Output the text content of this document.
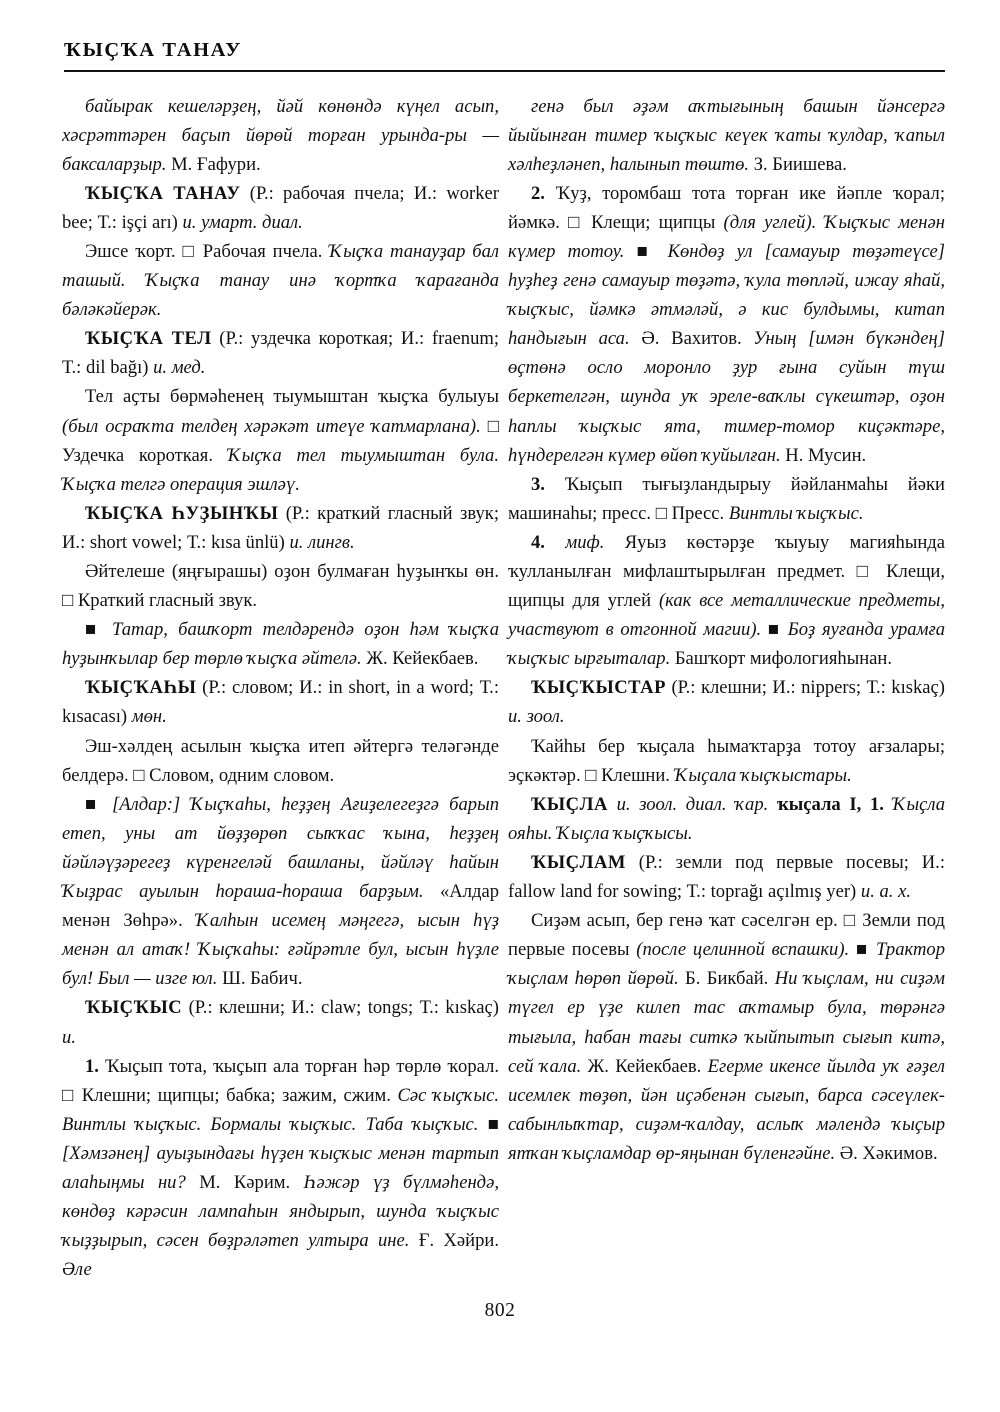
ҠЫҪҠА ТАНАУ

байырак кешеләрҙең, йәй көнөндә күңел асып, хәсрәттәрен баҫып йөрөй торған урында-ры — баксаларҙыр. М. Ғафури.

ҠЫҪҠА ТАНАУ (Р.: рабочая пчела; И.: worker bee; Т.: işçi arı) и. умарт. диал.

Эшсе ҡорт. □ Рабочая пчела. Ҡыҫҡа танауҙар бал ташый. Ҡыҫҡа танау инә ҡортҡа ҡарағанда бәләкәйерәк.

ҠЫҪҠА ТЕЛ (Р.: уздечка короткая; И.: fraenum; Т.: dil bağı) и. мед.

Тел аҫты бөрмәһенең тыумыштан ҡыҫҡа булыуы (был осраҡта телдең хәрәкәт итеүе ҡатмарлана). □ Уздечка короткая. Ҡыҫҡа тел тыумыштан була. Ҡыҫҡа телгә операция эшләү.

ҠЫҪҠА ҺУҘЫНҠЫ (Р.: краткий гласный звук; И.: short vowel; Т.: kısa ünlü) и. лингв.

Әйтелеше (яңғырашы) оҙон булмаған һуҙынҡы өн. □ Краткий гласный звук.

■ Татар, башҡорт телдәрендә оҙон һәм ҡыҫҡа һуҙынҡылар бер төрлө ҡыҫҡа әйтелә. Ж. Кейекбаев.

ҠЫҪҠАҺЫ (Р.: словом; И.: in short, in a word; Т.: kısacası) мөн.

Эш-хәлдең асылын ҡыҫҡа итеп әйтергә теләгәнде белдерә. □ Словом, одним словом.

■ [Алдар:] Ҡыҫҡаһы, һеҙҙең Ағиҙелегеҙгә барып етеп, уны ат йөҙҙөрөп сыҡҡас ҡына, һеҙҙең йәйләүҙәрегеҙ күренгеләй башланы, йәйләү һайын Ҡыҙрас ауылын һораша-һораша барҙым. «Алдар менән Зөһрә». Ҡалһын исемең мәңгегә, ысын һүҙ менән ал атаҡ! Ҡыҫҡаһы: ғәйрәтле бул, ысын һүҙле бул! Был — изге юл. Ш. Бабич.

ҠЫҪҠЫС (Р.: клешни; И.: claw; tongs; Т.: kıskaç) и.

1. Ҡыҫып тота, ҡыҫып ала торған һәр төрлө ҡорал. □ Клешни; щипцы; бабка; зажим, сжим. Сәс ҡыҫҡыс. Винтлы ҡыҫҡыс. Бормалы ҡыҫҡыс. Таба ҡыҫҡыс. ■ [Хәмзәнең] ауыҙындағы һүҙен ҡыҫҡыс менән тартып алаһыңмы ни? М. Кәрим. Һәжәр үҙ бүлмәһендә, көндөҙ кәрәсин лампаһын яндырып, шунда ҡыҫҡыс ҡыҙҙырып, сәсен бөҙрәләтеп ултыра ине. Ғ. Хәйри. Әле

генә был әҙәм аҡтығының башын йәнсергә йыйынған тимер ҡыҫҡыс кеүек ҡаты ҡулдар, ҡапыл хәлһеҙләнеп, һалынып төштө. З. Биишева.

2. Ҡуҙ, торомбаш тота торған ике йәпле ҡорал; йәмкә. □ Клещи; щипцы (для углей). Ҡыҫҡыс менән күмер тотоу. ■ Көндөҙ ул [самауыр төҙәтеүсе] һуҙһеҙ генә самауыр төҙәтә, ҡула төпләй, ижау яһай, ҡыҫҡыс, йәмкә әтмәләй, ә кис булдымы, китап һандығын аса. Ә. Вахитов. Уның [имән бүкәндең] өҫтөнә осло моронло ҙур ғына суйын түш беркетелгән, шунда уҡ эреле-ваҡлы сүкештәр, оҙон һаплы ҡыҫҡыс ята, тимер-томор киҫәктәре, һүндерелгән күмер өйөп ҡуйылған. Н. Мусин.

3. Ҡыҫып тығыҙландырыу йәйланмаһы йәки машинаһы; пресс. □ Пресс. Винтлы ҡыҫҡыс.

4. миф. Яуыз көстәрҙе ҡыуыу магияһында ҡулланылған мифлаштырылған предмет. □ Клещи, щипцы для углей (как все металлические предметы, участвуют в отгонной магии). ■ Боҙ яуғанда урамға ҡыҫҡыс ырғыталар. Башҡорт мифологияһынан.

ҠЫҪҠЫСТАР (Р.: клешни; И.: nippers; Т.: kıskaç) и. зоол.

Ҡайһы бер ҡыҫала һымаҡтарҙа тотоу ағзалары; эҫкәктәр. □ Клешни. Ҡыҫала ҡыҫҡыстары.

ҠЫҪЛА и. зоол. диал. ҡар. ҡыҫала I, 1. Ҡыҫла ояһы. Ҡыҫла ҡыҫҡысы.

ҠЫҪЛАМ (Р.: земли под первые посевы; И.: fallow land for sowing; Т.: toprağı açılmış yer) и. а. х.

Сиҙәм асып, бер генә ҡат сәселгән ер. □ Земли под первые посевы (после целинной вспашки). ■ Трактор ҡыҫлам һөрөп йөрөй. Б. Бикбай. Ни ҡыҫлам, ни сиҙәм түгел ер үҙе килеп тас аҡтамыр була, төрәнгә тығыла, һабан тағы ситкә ҡыйпытып сығып китә, сей ҡала. Ж. Кейекбаев. Егерме икенсе йылда уҡ ғәҙел исемлек төҙөп, йән иҫәбенән сығып, барса сәсеүлек-сабынлыҡтар, сиҙәм-ҡалдау, аслыҡ мәлендә ҡыҫыр ятҡан ҡыҫламдар өр-яңынан бүленгәйне. Ә. Хәкимов.

802
